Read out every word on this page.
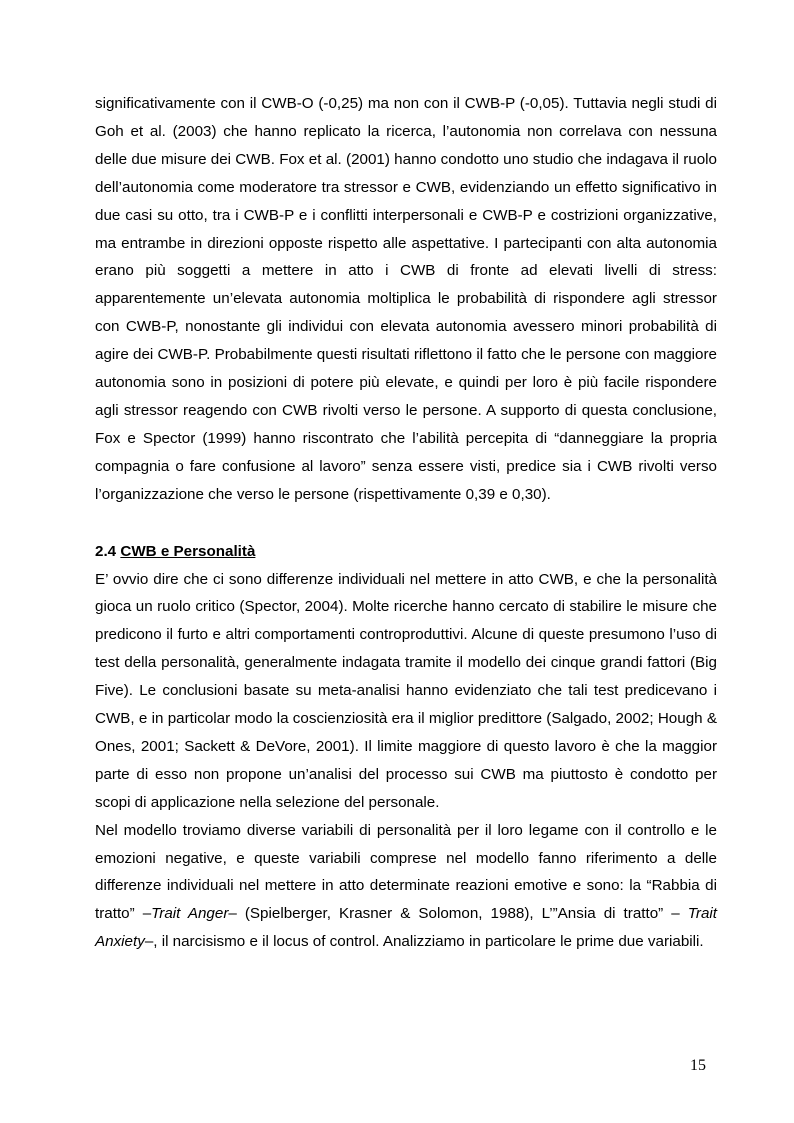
significativamente con il CWB-O (-0,25) ma non con il CWB-P (-0,05). Tuttavia negli studi di Goh et al. (2003) che hanno replicato la ricerca, l’autonomia non correlava con nessuna delle due misure dei CWB. Fox et al. (2001) hanno condotto uno studio che indagava il ruolo dell’autonomia come moderatore tra stressor e CWB, evidenziando un effetto significativo in due casi su otto, tra i CWB-P e i conflitti interpersonali e CWB-P e costrizioni organizzative, ma entrambe in direzioni opposte rispetto alle aspettative. I partecipanti con alta autonomia erano più soggetti a mettere in atto i CWB di fronte ad elevati livelli di stress: apparentemente un’elevata autonomia moltiplica le probabilità di rispondere agli stressor con CWB-P, nonostante gli individui con elevata autonomia avessero minori probabilità di agire dei CWB-P. Probabilmente questi risultati riflettono il fatto che le persone con maggiore autonomia sono in posizioni di potere più elevate, e quindi per loro è più facile rispondere agli stressor reagendo con CWB rivolti verso le persone. A supporto di questa conclusione, Fox e Spector (1999) hanno riscontrato che l’abilità percepita di “danneggiare la propria compagnia o fare confusione al lavoro” senza essere visti, predice sia i CWB rivolti verso l’organizzazione che verso le persone (rispettivamente 0,39 e 0,30).

2.4 CWB e Personalità

E’ ovvio dire che ci sono differenze individuali nel mettere in atto CWB, e che la personalità gioca un ruolo critico (Spector, 2004). Molte ricerche hanno cercato di stabilire le misure che predicono il furto e altri comportamenti controproduttivi. Alcune di queste presumono l’uso di test della personalità, generalmente indagata tramite il modello dei cinque grandi fattori (Big Five). Le conclusioni basate su meta-analisi hanno evidenziato che tali test predicevano i CWB, e in particolar modo la coscienziosità era il miglior predittore (Salgado, 2002; Hough & Ones, 2001; Sackett & DeVore, 2001). Il limite maggiore di questo lavoro è che la maggior parte di esso non propone un’analisi del processo sui CWB ma piuttosto è condotto per scopi di applicazione nella selezione del personale.

Nel modello troviamo diverse variabili di personalità per il loro legame con il controllo e le emozioni negative, e queste variabili comprese nel modello fanno riferimento a delle differenze individuali nel mettere in atto determinate reazioni emotive e sono: la “Rabbia di tratto” –Trait Anger– (Spielberger, Krasner & Solomon, 1988), L’”Ansia di tratto” – Trait Anxiety–, il narcisismo e il locus of control. Analizziamo in particolare le prime due variabili.

15
